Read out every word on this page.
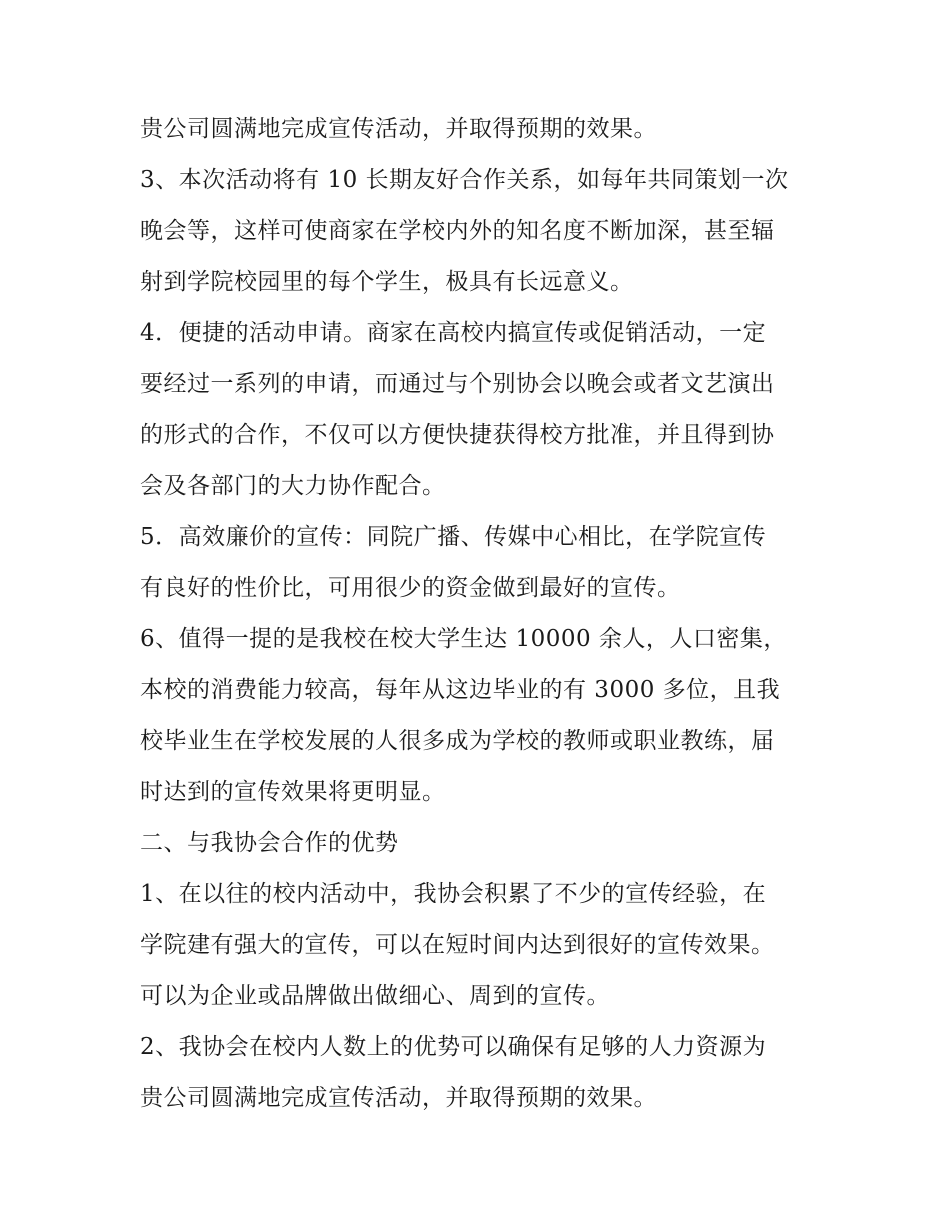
贵公司圆满地完成宣传活动，并取得预期的效果。
3、本次活动将有 10 长期友好合作关系，如每年共同策划一次
晚会等，这样可使商家在学校内外的知名度不断加深，甚至辐
射到学院校园里的每个学生，极具有长远意义。
4．便捷的活动申请。商家在高校内搞宣传或促销活动，一定
要经过一系列的申请，而通过与个别协会以晚会或者文艺演出
的形式的合作，不仅可以方便快捷获得校方批准，并且得到协
会及各部门的大力协作配合。
5．高效廉价的宣传：同院广播、传媒中心相比，在学院宣传
有良好的性价比，可用很少的资金做到最好的宣传。
6、值得一提的是我校在校大学生达 10000 余人，人口密集，
本校的消费能力较高，每年从这边毕业的有 3000 多位，且我
校毕业生在学校发展的人很多成为学校的教师或职业教练，届
时达到的宣传效果将更明显。
二、与我协会合作的优势
1、在以往的校内活动中，我协会积累了不少的宣传经验，在
学院建有强大的宣传，可以在短时间内达到很好的宣传效果。
可以为企业或品牌做出做细心、周到的宣传。
2、我协会在校内人数上的优势可以确保有足够的人力资源为
贵公司圆满地完成宣传活动，并取得预期的效果。
